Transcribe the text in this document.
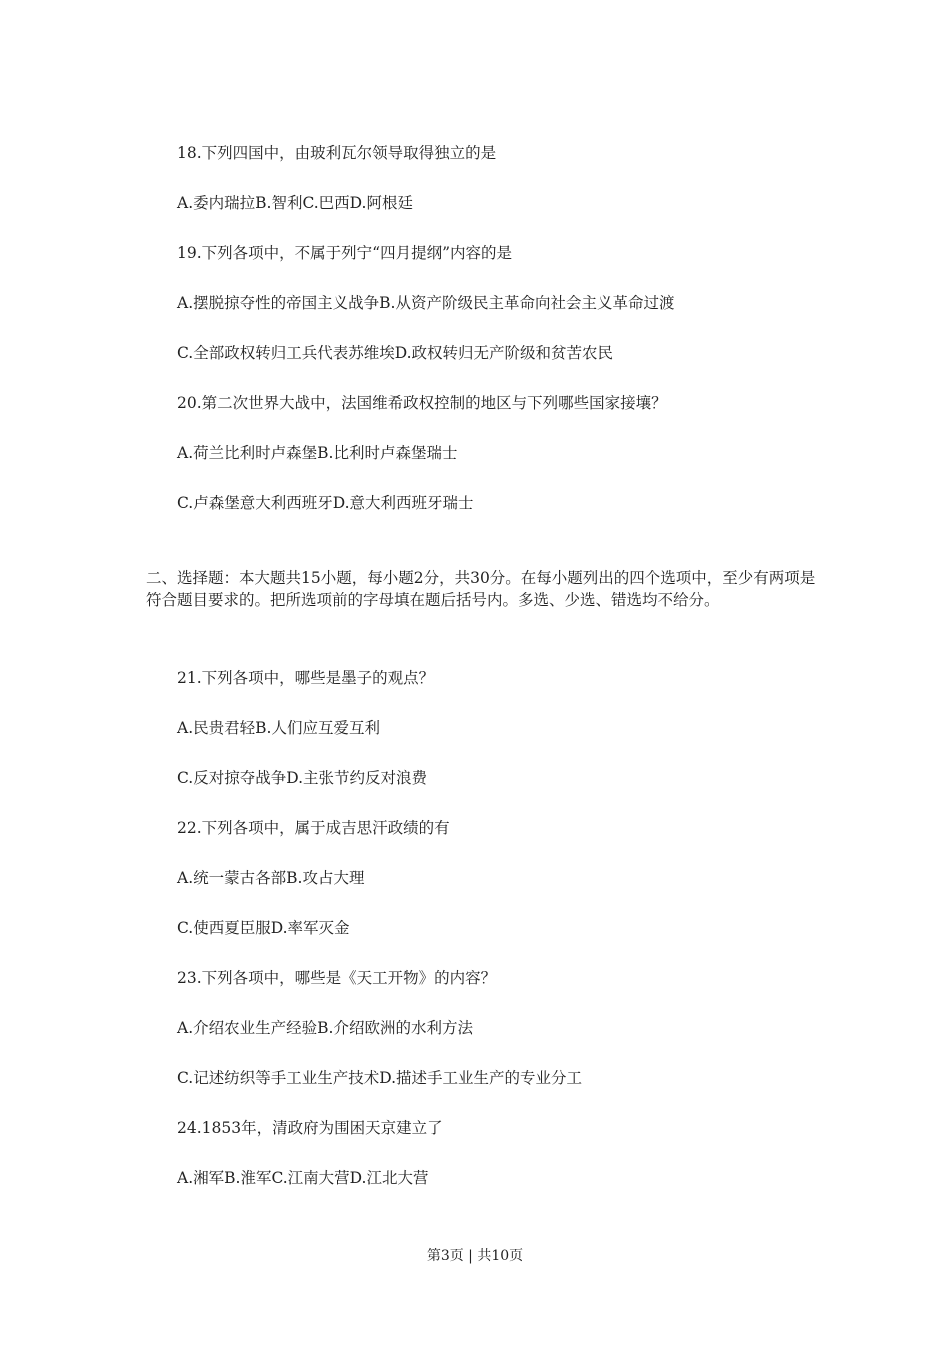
18.下列四国中，由玻利瓦尔领导取得独立的是
A.委内瑞拉B.智利C.巴西D.阿根廷
19.下列各项中，不属于列宁“四月提纲”内容的是
A.摆脱掠夺性的帝国主义战争B.从资产阶级民主革命向社会主义革命过渡
C.全部政权转归工兵代表苏维埃D.政权转归无产阶级和贫苦农民
20.第二次世界大战中，法国维希政权控制的地区与下列哪些国家接壤？
A.荷兰比利时卢森堡B.比利时卢森堡瑞士
C.卢森堡意大利西班牙D.意大利西班牙瑞士
二、选择题：本大题共15小题，每小题2分，共30分。在每小题列出的四个选项中，至少有两项是符合题目要求的。把所选项前的字母填在题后括号内。多选、少选、错选均不给分。
21.下列各项中，哪些是墨子的观点？
A.民贵君轻B.人们应互爱互利
C.反对掠夺战争D.主张节约反对浪费
22.下列各项中，属于成吉思汗政绩的有
A.统一蒙古各部B.攻占大理
C.使西夏臣服D.率军灭金
23.下列各项中，哪些是《天工开物》的内容？
A.介绍农业生产经验B.介绍欧洲的水利方法
C.记述纺织等手工业生产技术D.描述手工业生产的专业分工
24.1853年，清政府为围困天京建立了
A.湘军B.淮军C.江南大营D.江北大营
第3页 | 共10页
